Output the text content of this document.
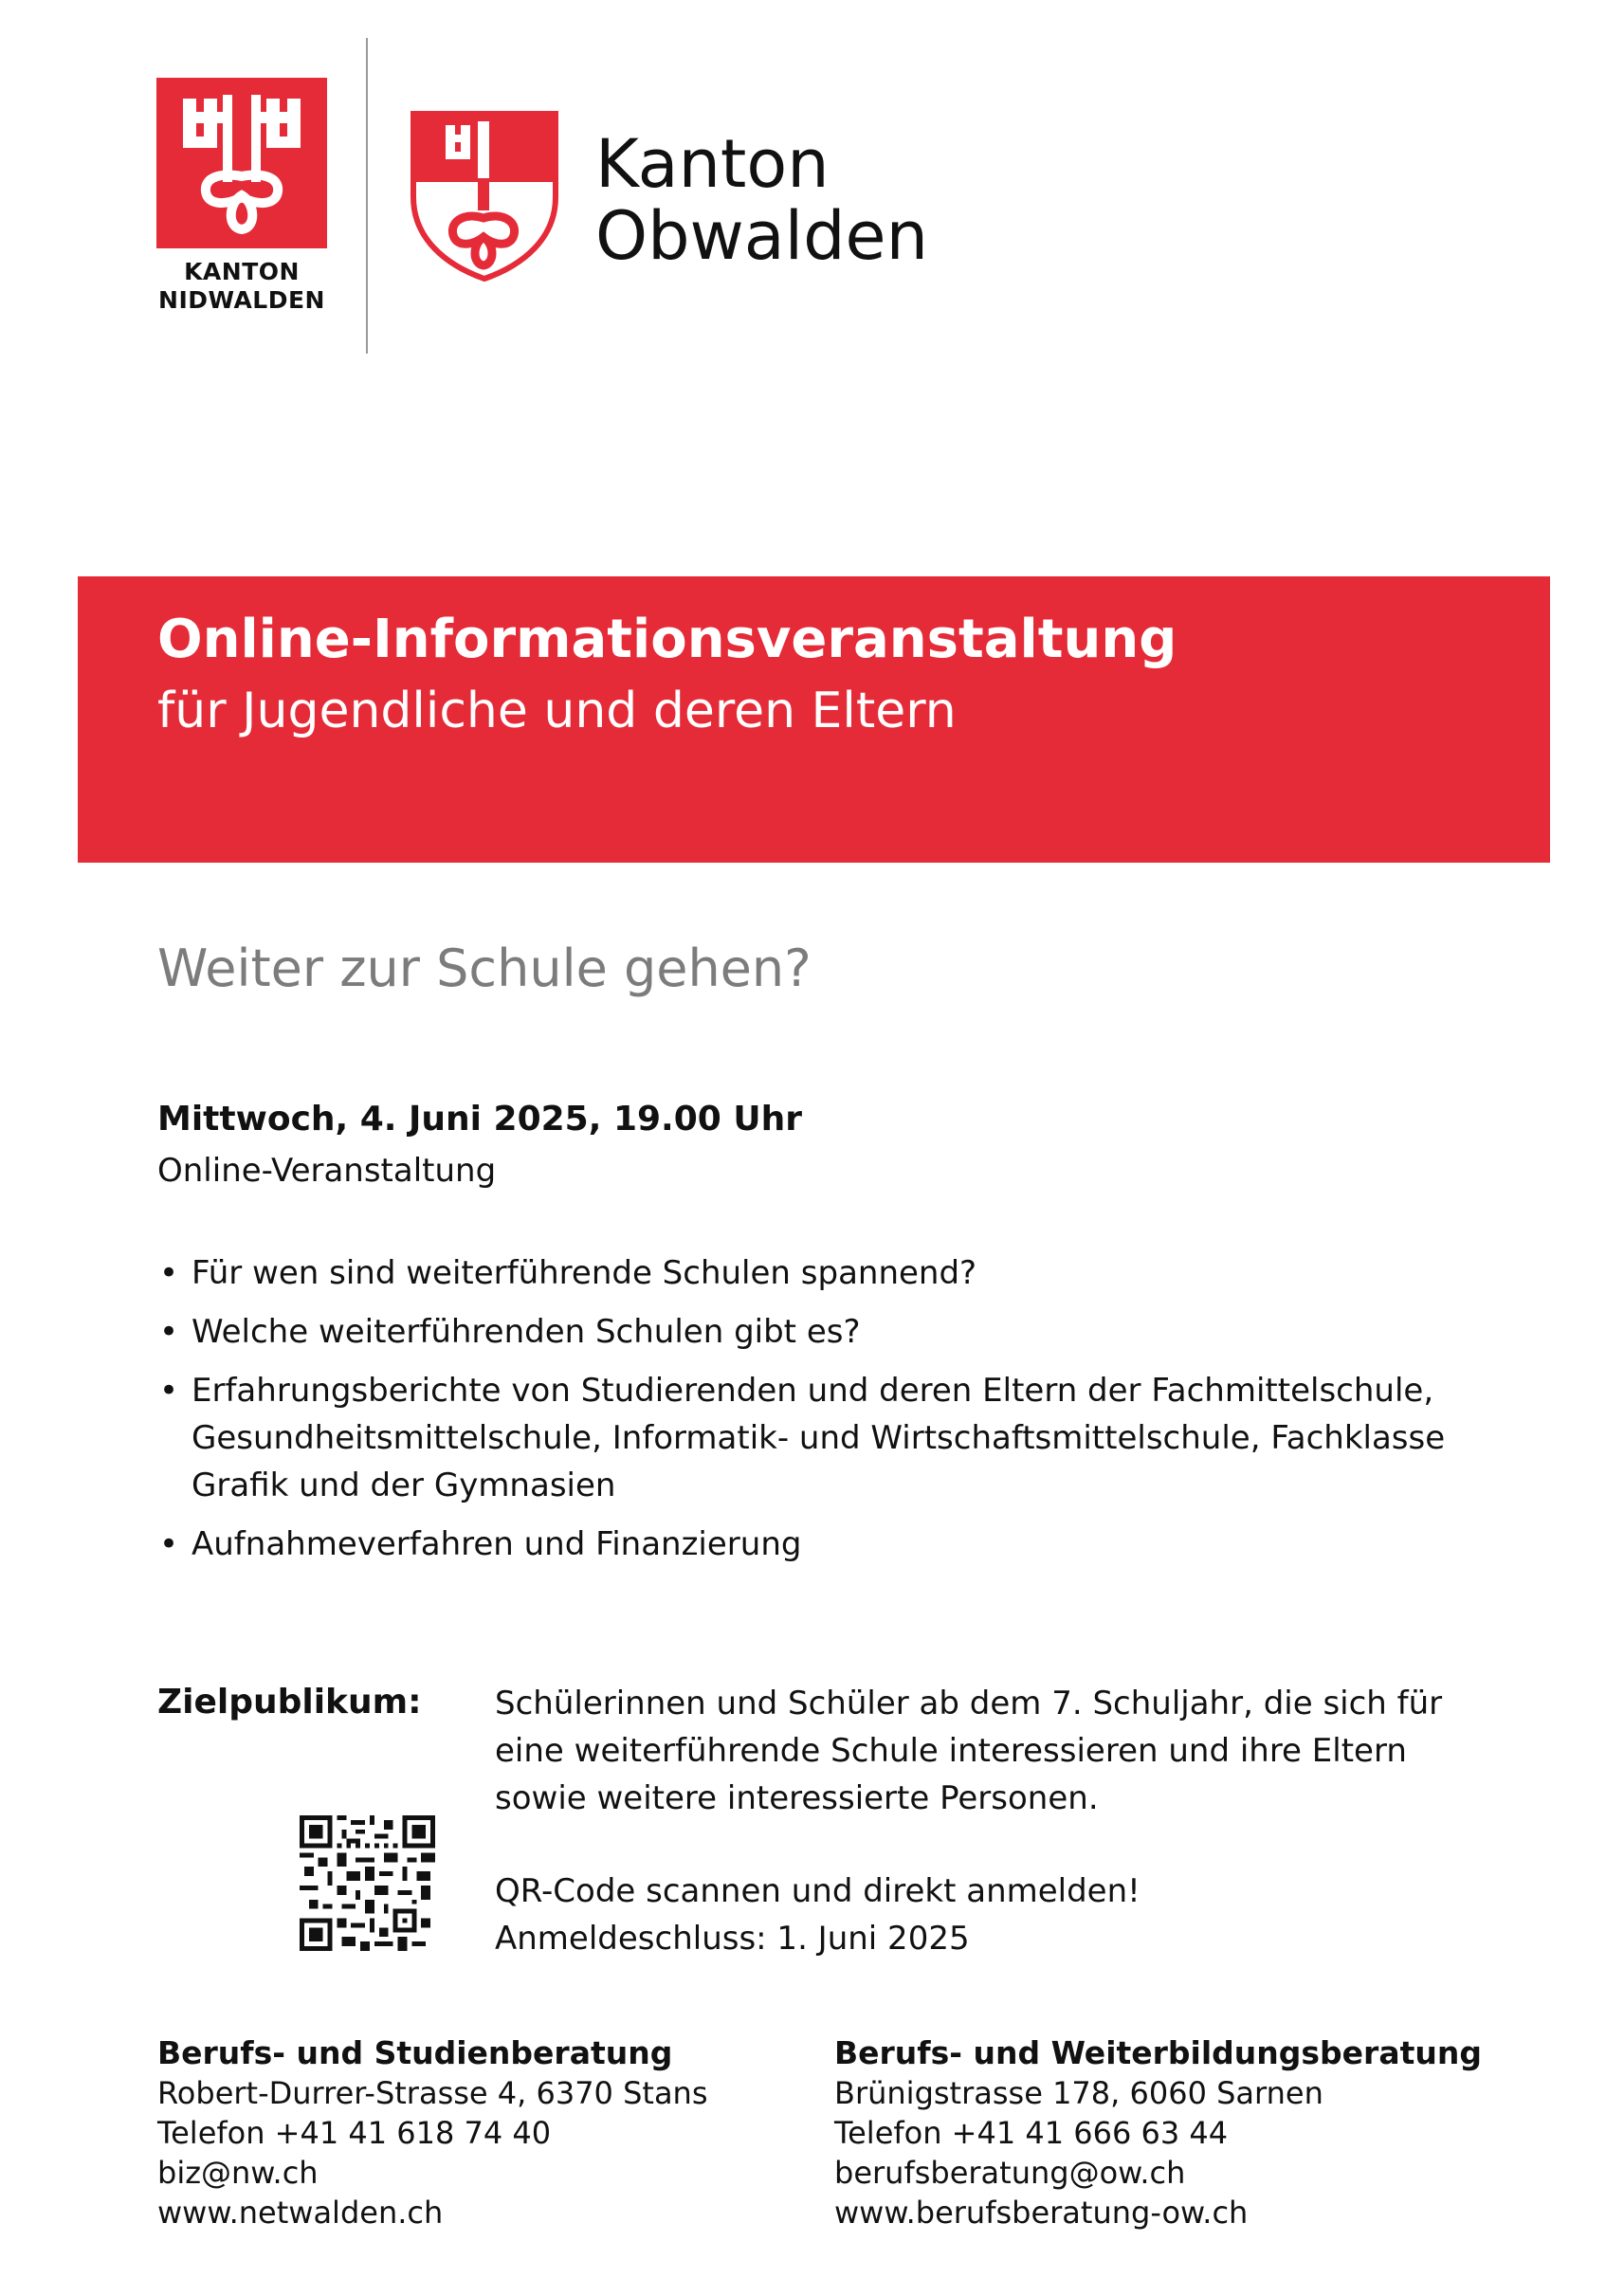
KANTON
NIDWALDEN
Kanton
Obwalden
Online-Informationsveranstaltung
für Jugendliche und deren Eltern
Weiter zur Schule gehen?
Mittwoch, 4. Juni 2025, 19.00 Uhr
Online-Veranstaltung
• Für wen sind weiterführende Schulen spannend?
• Welche weiterführenden Schulen gibt es?
• Erfahrungsberichte von Studierenden und deren Eltern der Fachmittelschule, Gesundheitsmittelschule, Informatik- und Wirtschaftsmittelschule, Fachklasse Grafik und der Gymnasien
• Aufnahmeverfahren und Finanzierung
Zielpublikum: Schülerinnen und Schüler ab dem 7. Schuljahr, die sich für eine weiterführende Schule interessieren und ihre Eltern sowie weitere interessierte Personen.
QR-Code scannen und direkt anmelden!
Anmeldeschluss: 1. Juni 2025
Berufs- und Studienberatung
Robert-Durrer-Strasse 4, 6370 Stans
Telefon +41 41 618 74 40
biz@nw.ch
www.netwalden.ch
Berufs- und Weiterbildungsberatung
Brünigstrasse 178, 6060 Sarnen
Telefon +41 41 666 63 44
berufsberatung@ow.ch
www.berufsberatung-ow.ch
